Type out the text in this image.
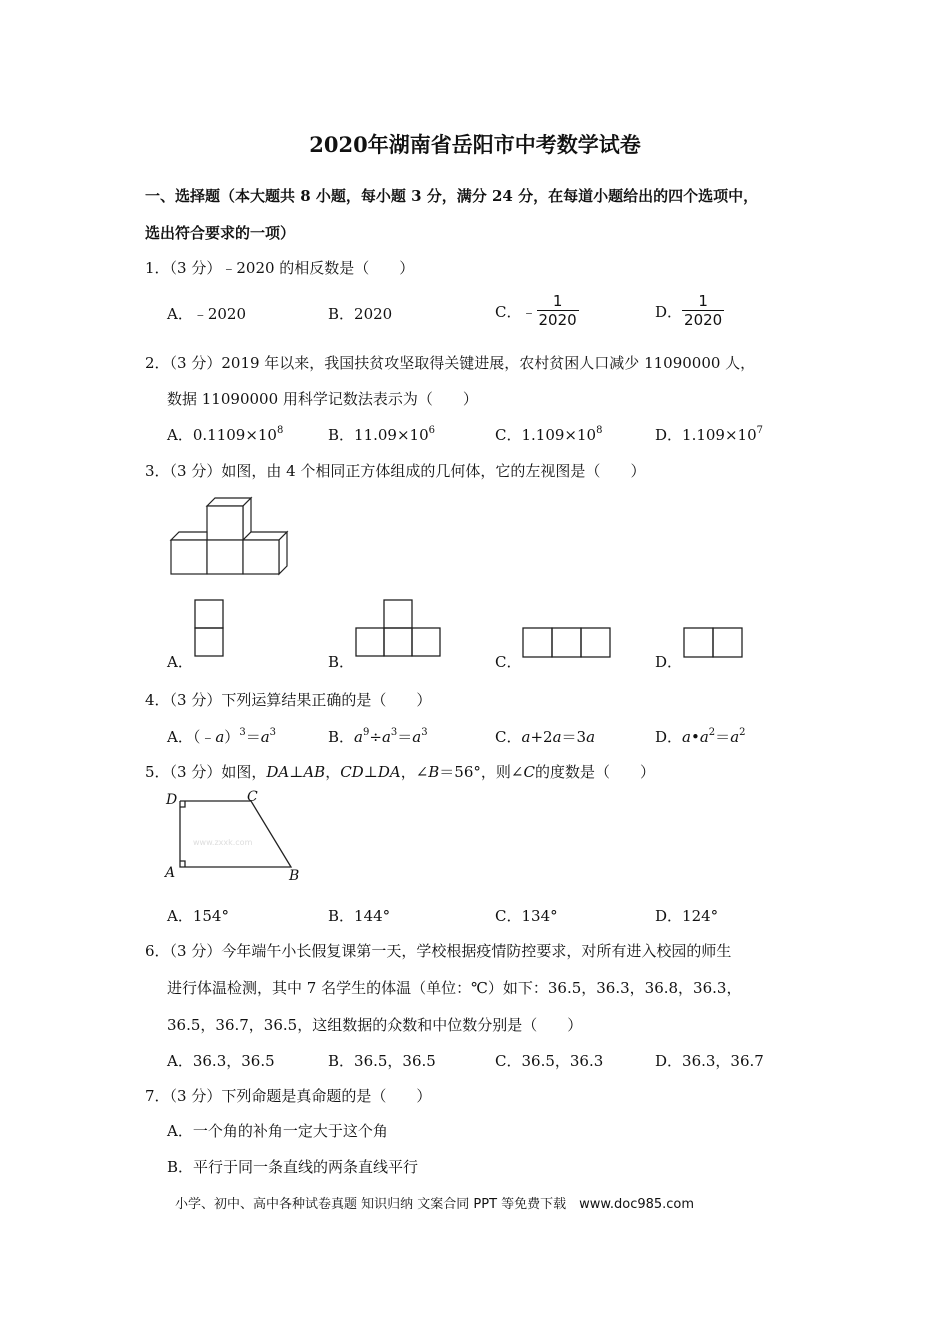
2020年湖南省岳阳市中考数学试卷
一、选择题（本大题共 8 小题，每小题 3 分，满分 24 分，在每道小题给出的四个选项中，
选出符合要求的一项）
1．（3 分）﹣2020 的相反数是（　　）
A．﹣2020	B．2020	C．﹣ $\frac{1}{2020}$	D． $\frac{1}{2020}$
2．（3 分）2019 年以来，我国扶贫攻坚取得关键进展，农村贫困人口减少 11090000 人，
数据 11090000 用科学记数法表示为（　　）
A．$0.1109\times 10^8$	B．$11.09\times 10^6$	C．$1.109\times 10^8$	D．$1.109\times 10^7$
3．（3 分）如图，由 4 个相同正方体组成的几何体，它的左视图是（　　）
A．	B．	C．	D．
4．（3 分）下列运算结果正确的是（　　）
A．$(﹣a)^3=a^3$	B．$a^9\div a^3=a^3$	C．a+2a＝3a	D．$a•a^2=a^2$
5．（3 分）如图，DA⊥AB，CD⊥DA，∠B＝56°，则∠C的度数是（　　）
www.zxxk.com
D	C
A	B
A．154°	B．144°	C．134°	D．124°
6．（3 分）今年端午小长假复课第一天，学校根据疫情防控要求，对所有进入校园的师生
进行体温检测，其中 7 名学生的体温（单位：℃）如下：36.5，36.3，36.8，36.3，
36.5，36.7，36.5，这组数据的众数和中位数分别是（　　）
A．36.3，36.5	B．36.5，36.5	C．36.5，36.3	D．36.3，36.7
7．（3 分）下列命题是真命题的是（　　）
A．一个角的补角一定大于这个角
B．平行于同一条直线的两条直线平行
小学、初中、高中各种试卷真题 知识归纳 文案合同 PPT 等免费下载　www.doc985.com
